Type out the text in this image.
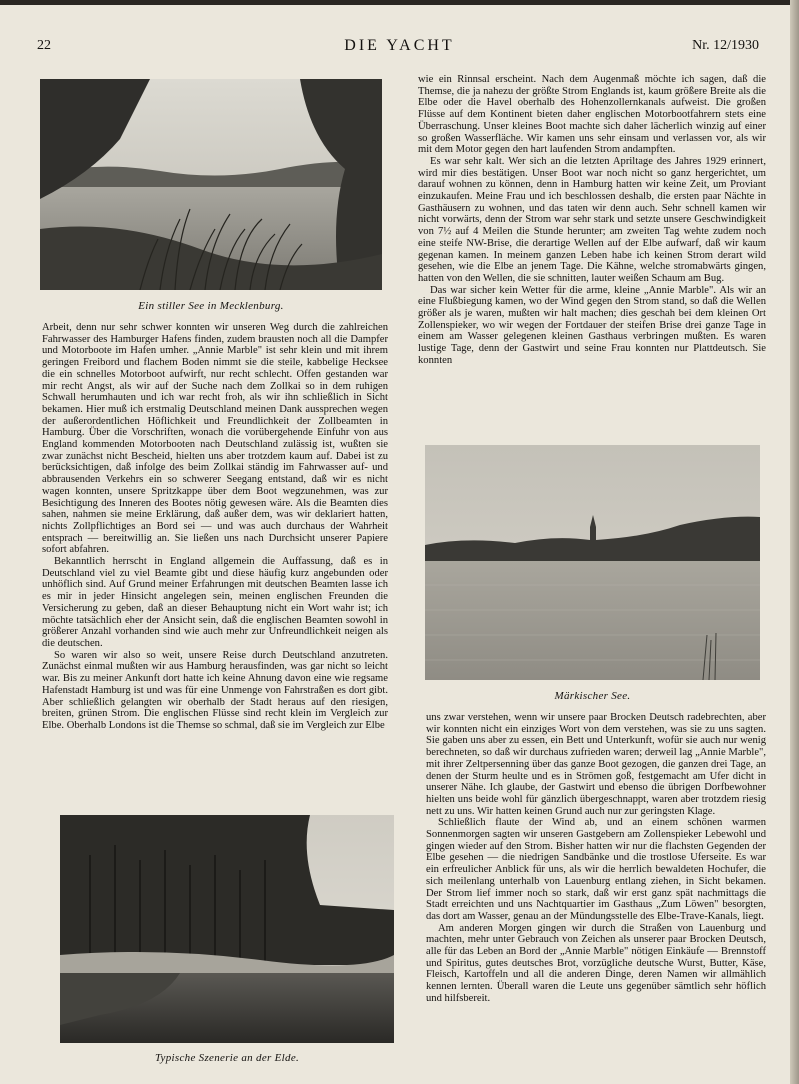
22	DIE YACHT	Nr. 12/1930
Ein stiller See in Mecklenburg.

Arbeit, denn nur sehr schwer konnten wir unseren Weg durch die zahlreichen Fahrwasser des Hamburger Hafens finden, zudem brausten noch all die Dampfer und Motorboote im Hafen umher. „Annie Marble" ist sehr klein und mit ihrem geringen Freibord und flachem Boden nimmt sie die steile, kabbelige Hecksee die ein schnelles Motorboot aufwirft, nur recht schlecht. Offen gestanden war mir recht Angst, als wir auf der Suche nach dem Zollkai so in dem ruhigen Schwall herumhauten und ich war recht froh, als wir ihn schließlich in Sicht bekamen. Hier muß ich erstmalig Deutschland meinen Dank aussprechen wegen der außerordentlichen Höflichkeit und Freundlichkeit der Zollbeamten in Hamburg. Über die Vorschriften, wonach die vorübergehende Einfuhr von aus England kommenden Motorbooten nach Deutschland zulässig ist, wußten sie zwar zunächst nicht Bescheid, hielten uns aber trotzdem kaum auf. Dabei ist zu berücksichtigen, daß infolge des beim Zollkai ständig im Fahrwasser auf- und abbrausenden Verkehrs ein so schwerer Seegang entstand, daß wir es nicht wagen konnten, unsere Spritzkappe über dem Boot wegzunehmen, was zur Besichtigung des Inneren des Bootes nötig gewesen wäre. Als die Beamten dies sahen, nahmen sie meine Erklärung, daß außer dem, was wir deklariert hatten, nichts Zollpflichtiges an Bord sei — und was auch durchaus der Wahrheit entsprach — bereitwillig an. Sie ließen uns nach Durchsicht unserer Papiere sofort abfahren.

Bekanntlich herrscht in England allgemein die Auffassung, daß es in Deutschland viel zu viel Beamte gibt und diese häufig kurz angebunden oder unhöflich sind. Auf Grund meiner Erfahrungen mit deutschen Beamten lasse ich es mir in jeder Hinsicht angelegen sein, meinen englischen Freunden die Versicherung zu geben, daß an dieser Behauptung nicht ein Wort wahr ist; ich möchte tatsächlich eher der Ansicht sein, daß die englischen Beamten sowohl in größerer Anzahl vorhanden sind wie auch mehr zur Unfreundlichkeit neigen als die deutschen.

So waren wir also so weit, unsere Reise durch Deutschland anzutreten. Zunächst einmal mußten wir aus Hamburg herausfinden, was gar nicht so leicht war. Bis zu meiner Ankunft dort hatte ich keine Ahnung davon eine wie regsame Hafenstadt Hamburg ist und was für eine Unmenge von Fahrstraßen es dort gibt. Aber schließlich gelangten wir oberhalb der Stadt heraus auf den riesigen, breiten, grünen Strom. Die englischen Flüsse sind recht klein im Vergleich zur Elbe. Oberhalb Londons ist die Themse so schmal, daß sie im Vergleich zur Elbe

Typische Szenerie an der Elde.

wie ein Rinnsal erscheint. Nach dem Augenmaß möchte ich sagen, daß die Themse, die ja nahezu der größte Strom Englands ist, kaum größere Breite als die Elbe oder die Havel oberhalb des Hohenzollernkanals aufweist. Die großen Flüsse auf dem Kontinent bieten daher englischen Motorbootfahrern stets eine Überraschung. Unser kleines Boot machte sich daher lächerlich winzig auf einer so großen Wasserfläche. Wir kamen uns sehr einsam und verlassen vor, als wir mit dem Motor gegen den hart laufenden Strom andampften.

Es war sehr kalt. Wer sich an die letzten Apriltage des Jahres 1929 erinnert, wird mir dies bestätigen. Unser Boot war noch nicht so ganz hergerichtet, um darauf wohnen zu können, denn in Hamburg hatten wir keine Zeit, um Proviant einzukaufen. Meine Frau und ich beschlossen deshalb, die ersten paar Nächte in Gasthäusern zu wohnen, und das taten wir denn auch. Sehr schnell kamen wir nicht vorwärts, denn der Strom war sehr stark und setzte unsere Geschwindigkeit von 7½ auf 4 Meilen die Stunde herunter; am zweiten Tag wehte zudem noch eine steife NW-Brise, die derartige Wellen auf der Elbe aufwarf, daß wir kaum gegenan kamen. In meinem ganzen Leben habe ich keinen Strom derart wild gesehen, wie die Elbe an jenem Tage. Die Kähne, welche stromabwärts gingen, hatten von den Wellen, die sie schnitten, lauter weißen Schaum am Bug.

Das war sicher kein Wetter für die arme, kleine „Annie Marble". Als wir an eine Flußbiegung kamen, wo der Wind gegen den Strom stand, so daß die Wellen größer als je waren, mußten wir halt machen; dies geschah bei dem kleinen Ort Zollenspieker, wo wir wegen der Fortdauer der steifen Brise drei ganze Tage in einem am Wasser gelegenen kleinen Gasthaus verbringen mußten. Es waren lustige Tage, denn der Gastwirt und seine Frau konnten nur Plattdeutsch. Sie konnten

Märkischer See.

uns zwar verstehen, wenn wir unsere paar Brocken Deutsch radebrechten, aber wir konnten nicht ein einziges Wort von dem verstehen, was sie zu uns sagten. Sie gaben uns aber zu essen, ein Bett und Unterkunft, wofür sie auch nur wenig berechneten, so daß wir durchaus zufrieden waren; derweil lag „Annie Marble", mit ihrer Zeltpersenning über das ganze Boot gezogen, die ganzen drei Tage, an denen der Sturm heulte und es in Strömen goß, festgemacht am Ufer dicht in unserer Nähe. Ich glaube, der Gastwirt und ebenso die übrigen Dorfbewohner hielten uns beide wohl für gänzlich übergeschnappt, waren aber trotzdem riesig nett zu uns. Wir hatten keinen Grund auch nur zur geringsten Klage.

Schließlich flaute der Wind ab, und an einem schönen warmen Sonnenmorgen sagten wir unseren Gastgebern am Zollenspieker Lebewohl und gingen wieder auf den Strom. Bisher hatten wir nur die flachsten Gegenden der Elbe gesehen — die niedrigen Sandbänke und die trostlose Uferseite. Es war ein erfreulicher Anblick für uns, als wir die herrlich bewaldeten Hochufer, die sich meilenlang unterhalb von Lauenburg entlang ziehen, in Sicht bekamen. Der Strom lief immer noch so stark, daß wir erst ganz spät nachmittags die Stadt erreichten und uns Nachtquartier im Gasthaus „Zum Löwen" besorgten, das dort am Wasser, genau an der Mündungsstelle des Elbe-Trave-Kanals, liegt.

Am anderen Morgen gingen wir durch die Straßen von Lauenburg und machten, mehr unter Gebrauch von Zeichen als unserer paar Brocken Deutsch, alle für das Leben an Bord der „Annie Marble" nötigen Einkäufe — Brennstoff und Spiritus, gutes deutsches Brot, vorzügliche deutsche Wurst, Butter, Käse, Fleisch, Kartoffeln und all die anderen Dinge, deren Namen wir allmählich kennen lernten. Überall waren die Leute uns gegenüber sämtlich sehr höflich und hilfsbereit.
